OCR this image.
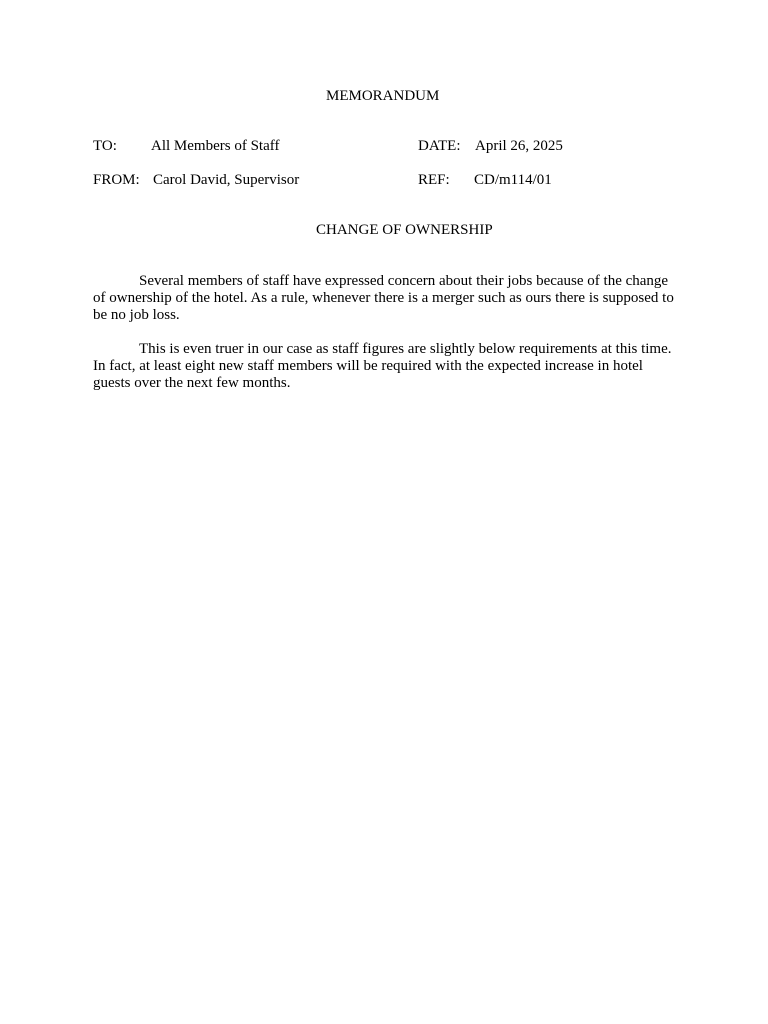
MEMORANDUM
TO: All Members of Staff	DATE: April 26, 2025
FROM: Carol David, Supervisor	REF: CD/m114/01
CHANGE OF OWNERSHIP

Several members of staff have expressed concern about their jobs because of the change of ownership of the hotel. As a rule, whenever there is a merger such as ours there is supposed to be no job loss.

This is even truer in our case as staff figures are slightly below requirements at this time. In fact, at least eight new staff members will be required with the expected increase in hotel guests over the next few months.
